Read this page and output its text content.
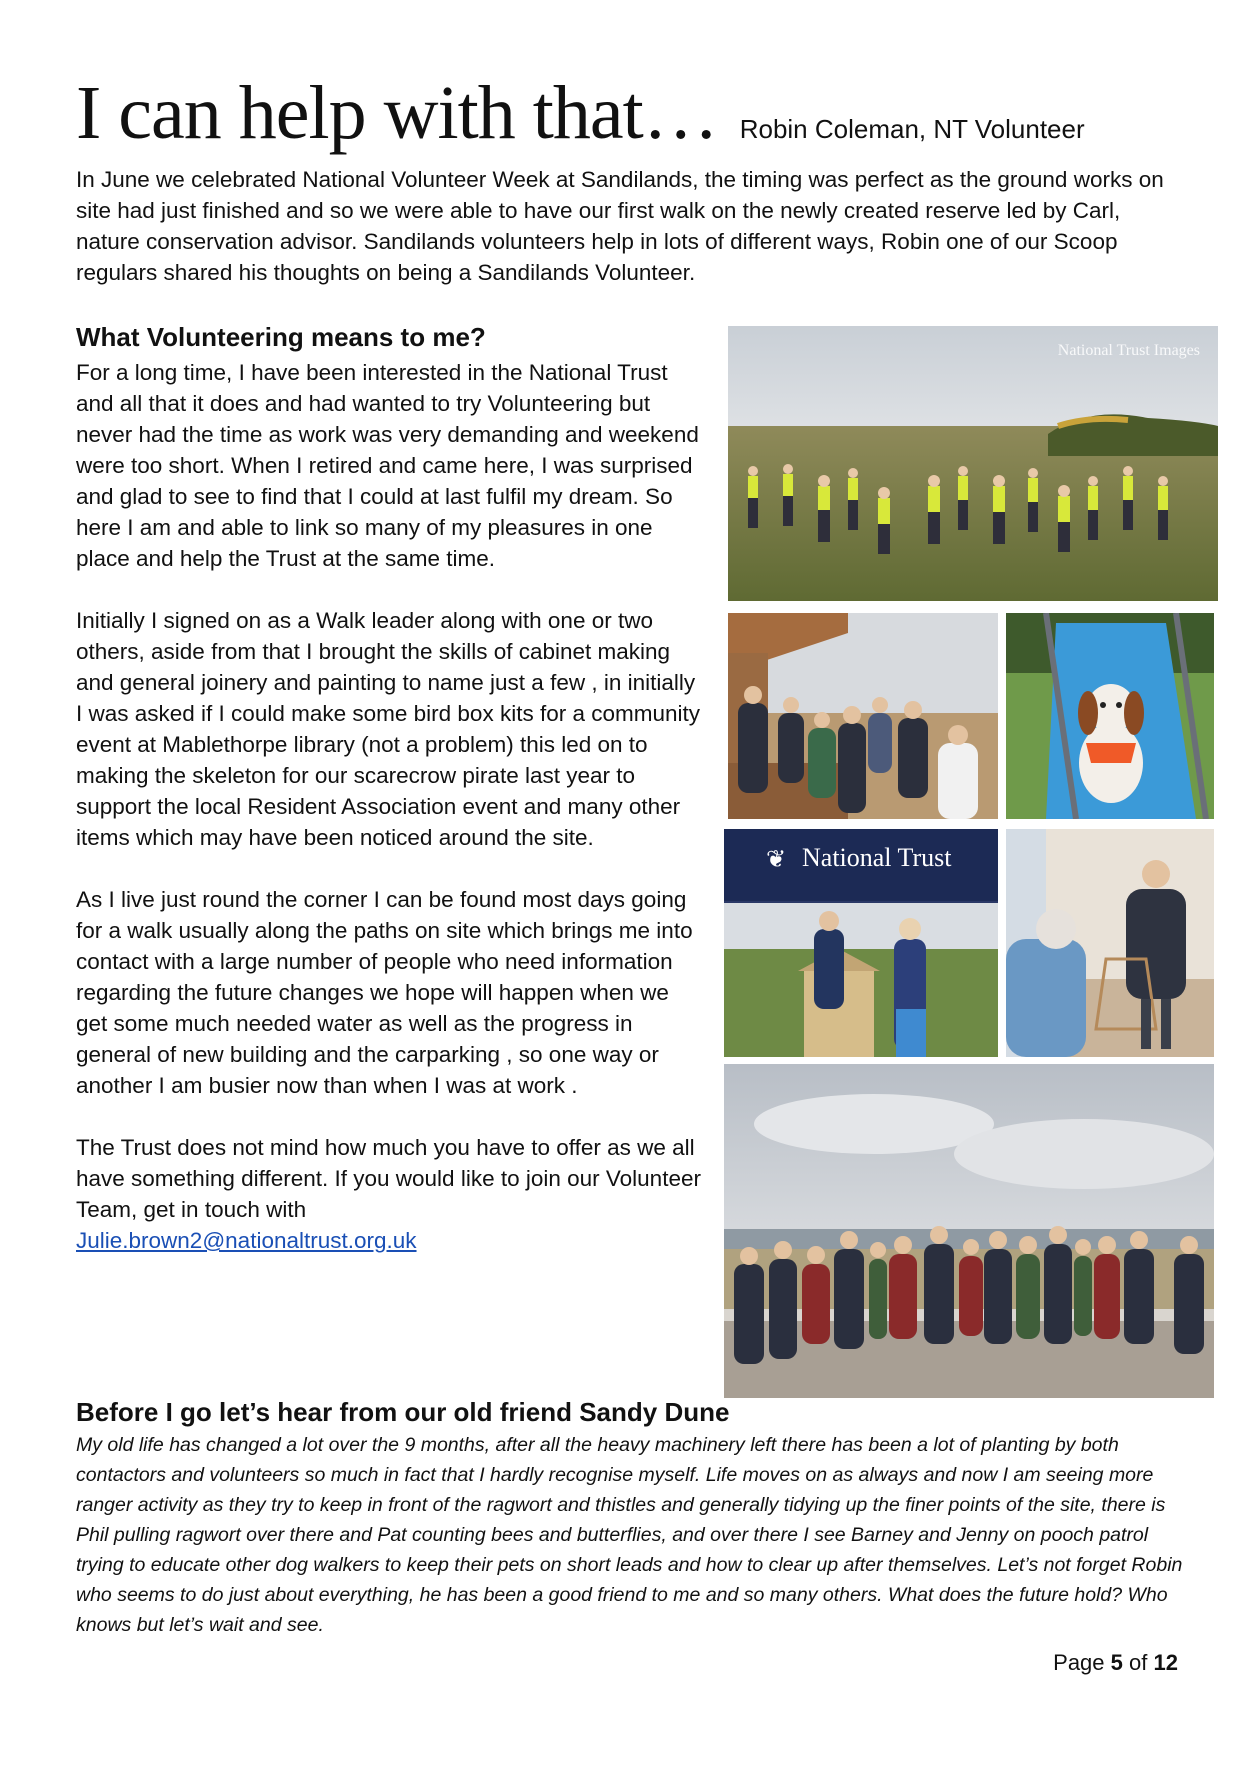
I can help with that… Robin Coleman, NT Volunteer

In June we celebrated National Volunteer Week at Sandilands, the timing was perfect as the ground works on site had just finished and so we were able to have our first walk on the newly created reserve led by Carl, nature conservation advisor. Sandilands volunteers help in lots of different ways, Robin one of our Scoop regulars shared his thoughts on being a Sandilands Volunteer.

What Volunteering means to me?

For a long time, I have been interested in the National Trust and all that it does and had wanted to try Volunteering but never had the time as work was very demanding and weekend were too short. When I retired and came here, I was surprised and glad to see to find that I could at last fulfil my dream. So here I am and able to link so many of my pleasures in one place and help the Trust at the same time.

Initially I signed on as a Walk leader along with one or two others, aside from that I brought the skills of cabinet making and general joinery and painting to name just a few , in initially I was asked if I could make some bird box kits for a community event at Mablethorpe library (not a problem) this led on to making the skeleton for our scarecrow pirate last year to support the local Resident Association event and many other items which may have been noticed around the site.

As I live just round the corner I can be found most days going for a walk usually along the paths on site which brings me into contact with a large number of people who need information regarding the future changes we hope will happen when we get some much needed water as well as the progress in general of new building and the carparking , so one way or another I am busier now than when I was at work .

The Trust does not mind how much you have to offer as we all have something different. If you would like to join our Volunteer Team, get in touch with
Julie.brown2@nationaltrust.org.uk

National Trust Images
❦ National Trust
Before I go let’s hear from our old friend Sandy Dune

My old life has changed a lot over the 9 months, after all the heavy machinery left there has been a lot of planting by both contactors and volunteers so much in fact that I hardly recognise myself. Life moves on as always and now I am seeing more ranger activity as they try to keep in front of the ragwort and thistles and generally tidying up the finer points of the site, there is Phil pulling ragwort over there and Pat counting bees and butterflies, and over there I see Barney and Jenny on pooch patrol trying to educate other dog walkers to keep their pets on short leads and how to clear up after themselves. Let’s not forget Robin who seems to do just about everything, he has been a good friend to me and so many others. What does the future hold? Who knows but let’s wait and see.

Page 5 of 12
